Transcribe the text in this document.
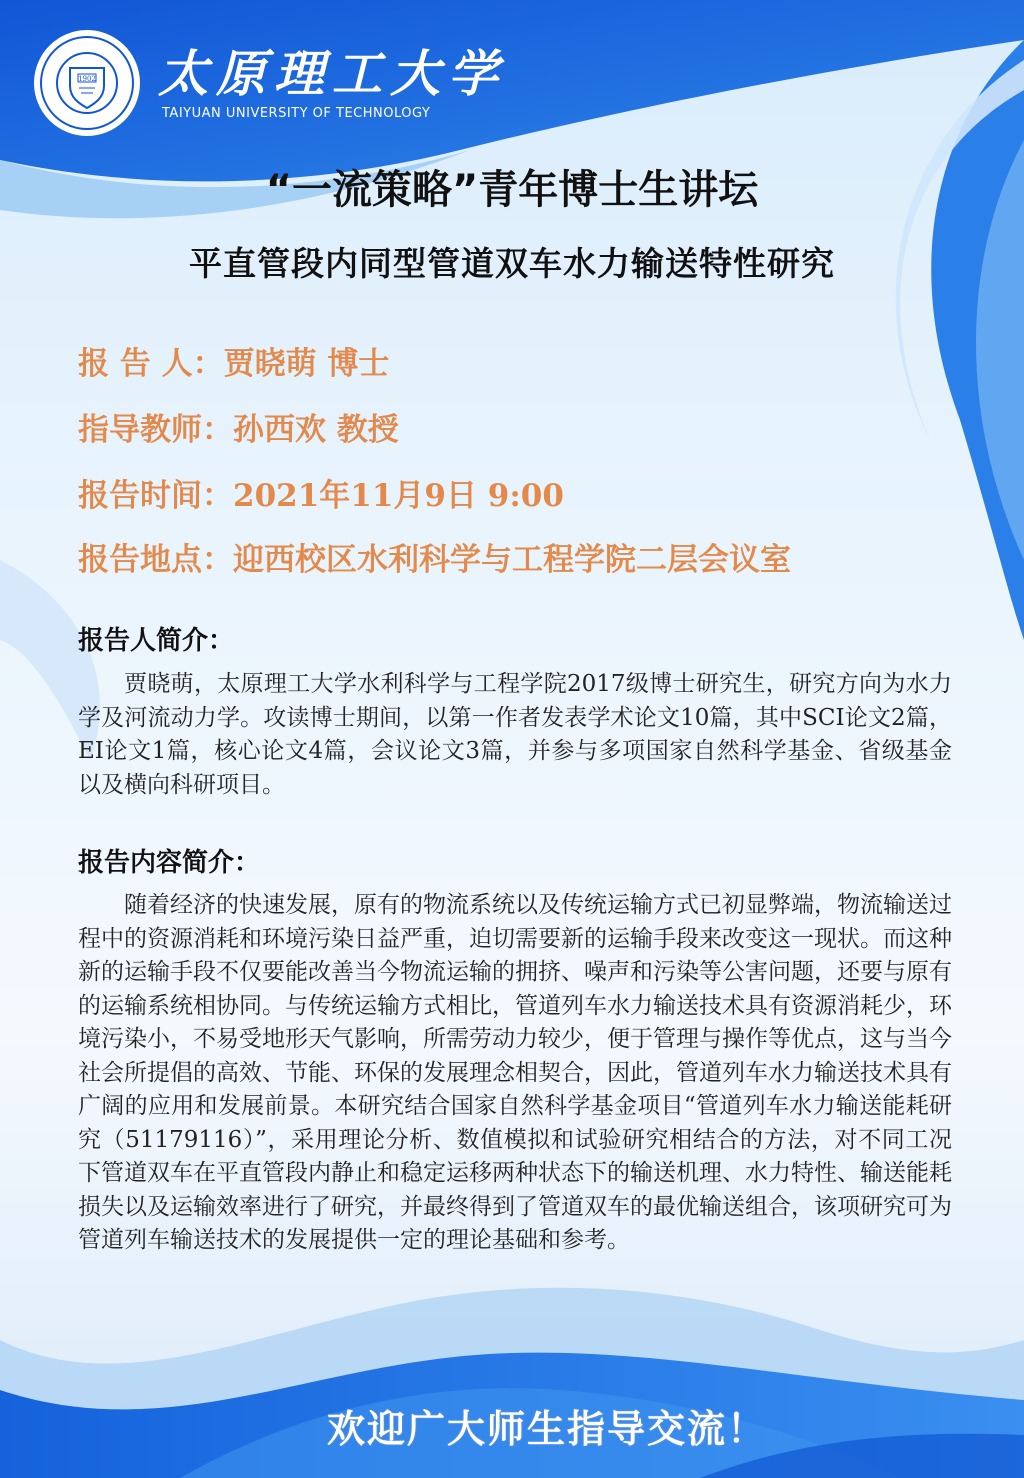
1902 太原理工大学
TAIYUAN UNIVERSITY OF TECHNOLOGY
“一流策略”青年博士生讲坛
平直管段内同型管道双车水力输送特性研究
报 告 人：贾晓萌 博士
指导教师：孙西欢 教授
报告时间：2021年11月9日 9:00
报告地点：迎西校区水利科学与工程学院二层会议室
报告人简介：
贾晓萌，太原理工大学水利科学与工程学院2017级博士研究生，研究方向为水力学及河流动力学。攻读博士期间，以第一作者发表学术论文10篇，其中SCI论文2篇，EI论文1篇，核心论文4篇，会议论文3篇，并参与多项国家自然科学基金、省级基金以及横向科研项目。
报告内容简介：
随着经济的快速发展，原有的物流系统以及传统运输方式已初显弊端，物流输送过程中的资源消耗和环境污染日益严重，迫切需要新的运输手段来改变这一现状。而这种新的运输手段不仅要能改善当今物流运输的拥挤、噪声和污染等公害问题，还要与原有的运输系统相协同。与传统运输方式相比，管道列车水力输送技术具有资源消耗少，环境污染小，不易受地形天气影响，所需劳动力较少，便于管理与操作等优点，这与当今社会所提倡的高效、节能、环保的发展理念相契合，因此，管道列车水力输送技术具有广阔的应用和发展前景。本研究结合国家自然科学基金项目“管道列车水力输送能耗研究（51179116）”，采用理论分析、数值模拟和试验研究相结合的方法，对不同工况下管道双车在平直管段内静止和稳定运移两种状态下的输送机理、水力特性、输送能耗损失以及运输效率进行了研究，并最终得到了管道双车的最优输送组合，该项研究可为管道列车输送技术的发展提供一定的理论基础和参考。
欢迎广大师生指导交流！
